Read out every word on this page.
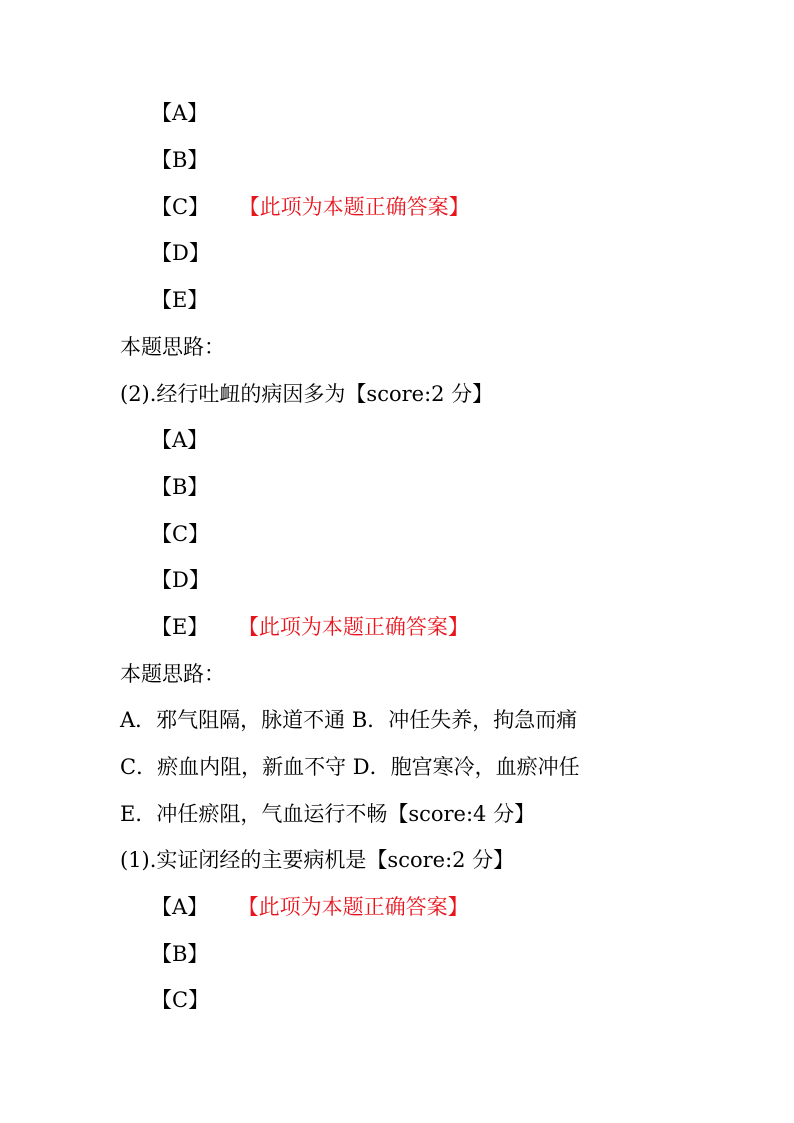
【A】
【B】
【C】 【此项为本题正确答案】
【D】
【E】
本题思路：
(2).经行吐衄的病因多为【score:2 分】
【A】
【B】
【C】
【D】
【E】 【此项为本题正确答案】
本题思路：
A．邪气阻隔，脉道不通 B．冲任失养，拘急而痛
C．瘀血内阻，新血不守 D．胞宫寒冷，血瘀冲任
E．冲任瘀阻，气血运行不畅【score:4 分】
(1).实证闭经的主要病机是【score:2 分】
【A】 【此项为本题正确答案】
【B】
【C】
